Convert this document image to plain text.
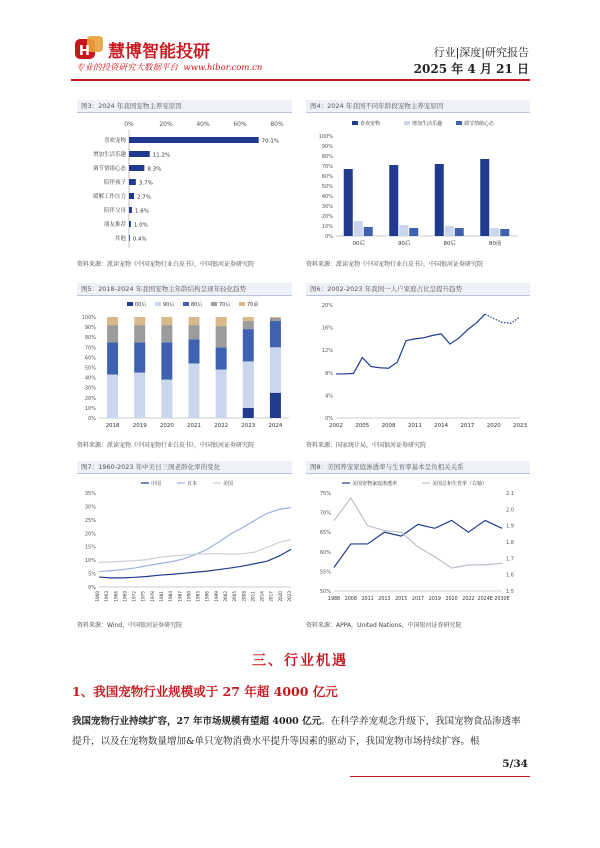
H 慧博智能投研
专业的投资研究大数据平台 www.hibor.com.cn
行业|深度|研究报告
2025 年 4 月 21 日
图3：2024 年我国宠物主养宠原因
0%	20%	40%	60%	80%
喜欢宠物	70.1%
增加生活乐趣	11.2%
调节情绪心态	8.3%
陪伴孩子 3.7%
缓解工作压力 2.7%
陪伴父母 1.6%
朋友推荐 1.0%
其他 0.4%
资料来源：派读宠物《中国宠物行业白皮书》，中国银河证券研究院
图4：2024 年我国不同年龄段宠物主养宠原因
喜欢宠物	增加生活乐趣	调节情绪心态
0%
10%
20%
30%
40%
50%
60%
70%
80%
90%
100%
00后	90后	80后	80前
资料来源：派读宠物《中国宠物行业白皮书》，中国银河证券研究院
图5：2018-2024 年我国宠物主年龄结构呈现年轻化趋势
00后	90后	80后	70后	70前
0%
10%
20%
30%
40%
50%
60%
70%
80%
90%
100%
2018 2019 2020 2021 2022 2023 2024
资料来源：派读宠物《中国宠物行业白皮书》，中国银河证券研究院
图6：2002-2023 年我国一人户家庭占比呈提升趋势
0%
4%
8%
12%
16%
20%
2002 2005 2008 2011 2014 2017 2020 2023
资料来源：国家统计局，中国银河证券研究院
图7：1960-2023 年中美日三国老龄化率的变化
中国	日本	美国
0%
5%
10%
15%
20%
25%
30%
35%
1960 1963 1966 1969 1972 1975 1978 1981 1984 1987 1990 1993 1996 1999 2002 2005 2008 2011 2014 2017 2020 2023
资料来源：Wind，中国银河证券研究院
图8：美国养宠家庭渗透率与生育率基本呈负相关关系
美国宠物家庭渗透率	美国总和生育率（右轴）
50%
55%
60%
65%
70%
75%
1.5
1.6
1.7
1.8
1.9
2.0
2.1
1988 2008 2011 2013 2015 2017 2019 2020 2022 2024E 2030E
资料来源：APPA，United Nations，中国银河证券研究院
三、行业机遇
1、我国宠物行业规模或于 27 年超 4000 亿元
我国宠物行业持续扩容，27 年市场规模有望超 4000 亿元。在科学养宠观念升级下，我国宠物食品渗透率提升，以及在宠物数量增加&单只宠物消费水平提升等因素的驱动下，我国宠物市场持续扩容。根
5/34
